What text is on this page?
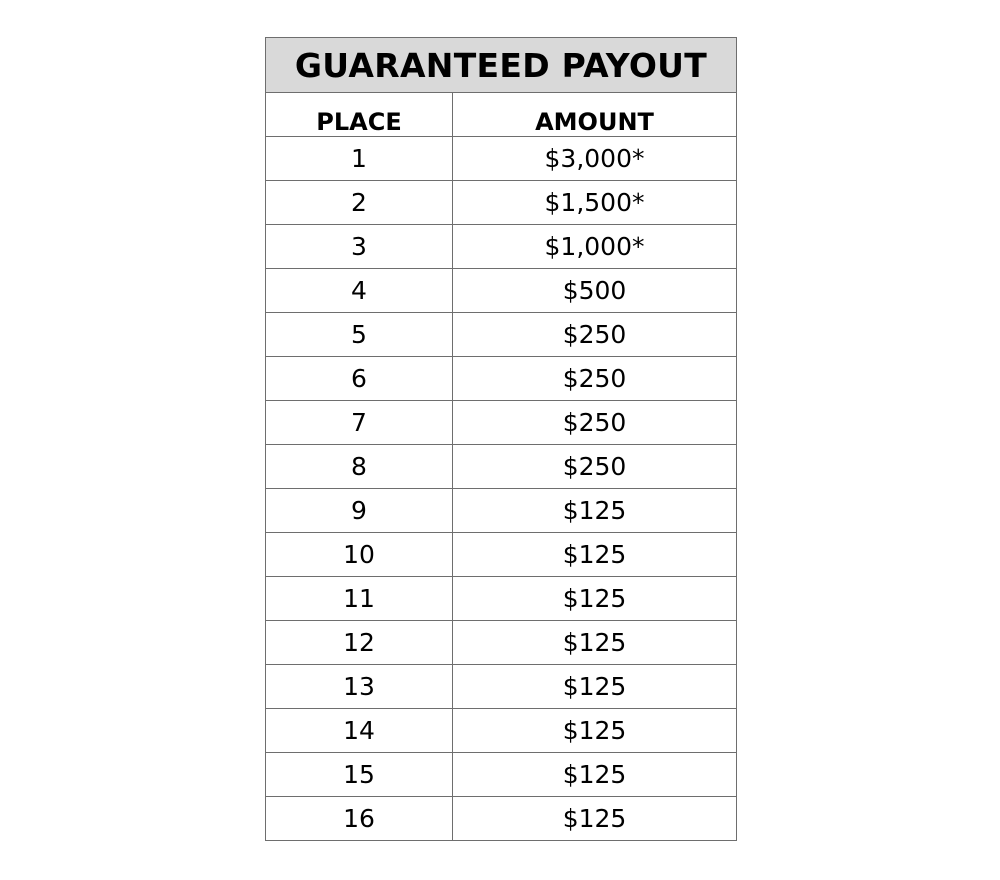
GUARANTEED PAYOUT	
PLACE	AMOUNT
1	$3,000*
2	$1,500*
3	$1,000*
4	$500
5	$250
6	$250
7	$250
8	$250
9	$125
10	$125
11	$125
12	$125
13	$125
14	$125
15	$125
16	$125
